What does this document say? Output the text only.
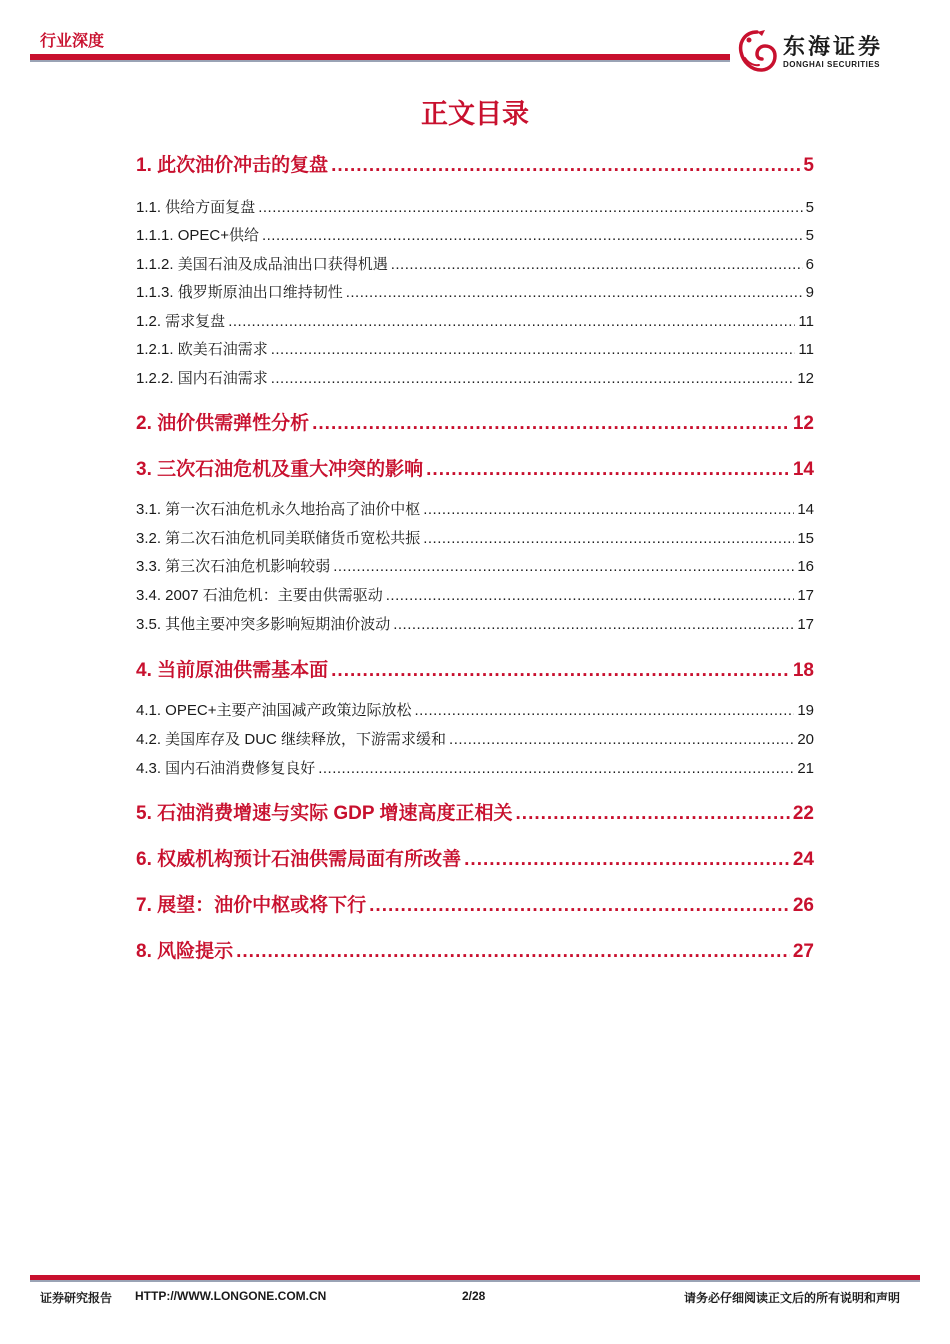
行业深度	东海证券
DONGHAI SECURITIES
正文目录
1. 此次油价冲击的复盘 .....	5
1.1. 供给方面复盘 .....	5
1.1.1. OPEC+供给 .....	5
1.1.2. 美国石油及成品油出口获得机遇 .....	6
1.1.3. 俄罗斯原油出口维持韧性 .....	9
1.2. 需求复盘 .....	11
1.2.1. 欧美石油需求 .....	11
1.2.2. 国内石油需求 .....	12
2. 油价供需弹性分析 .....	12
3. 三次石油危机及重大冲突的影响 .....	14
3.1. 第一次石油危机永久地抬高了油价中枢 .....	14
3.2. 第二次石油危机同美联储货币宽松共振 .....	15
3.3. 第三次石油危机影响较弱 .....	16
3.4. 2007 石油危机：主要由供需驱动 .....	17
3.5. 其他主要冲突多影响短期油价波动 .....	17
4. 当前原油供需基本面 .....	18
4.1. OPEC+主要产油国减产政策边际放松 .....	19
4.2. 美国库存及 DUC 继续释放，下游需求缓和 .....	20
4.3. 国内石油消费修复良好 .....	21
5. 石油消费增速与实际 GDP 增速高度正相关 .....	22
6. 权威机构预计石油供需局面有所改善 .....	24
7. 展望：油价中枢或将下行 .....	26
8. 风险提示 .....	27
证券研究报告 HTTP://WWW.LONGONE.COM.CN	2/28	请务必仔细阅读正文后的所有说明和声明
